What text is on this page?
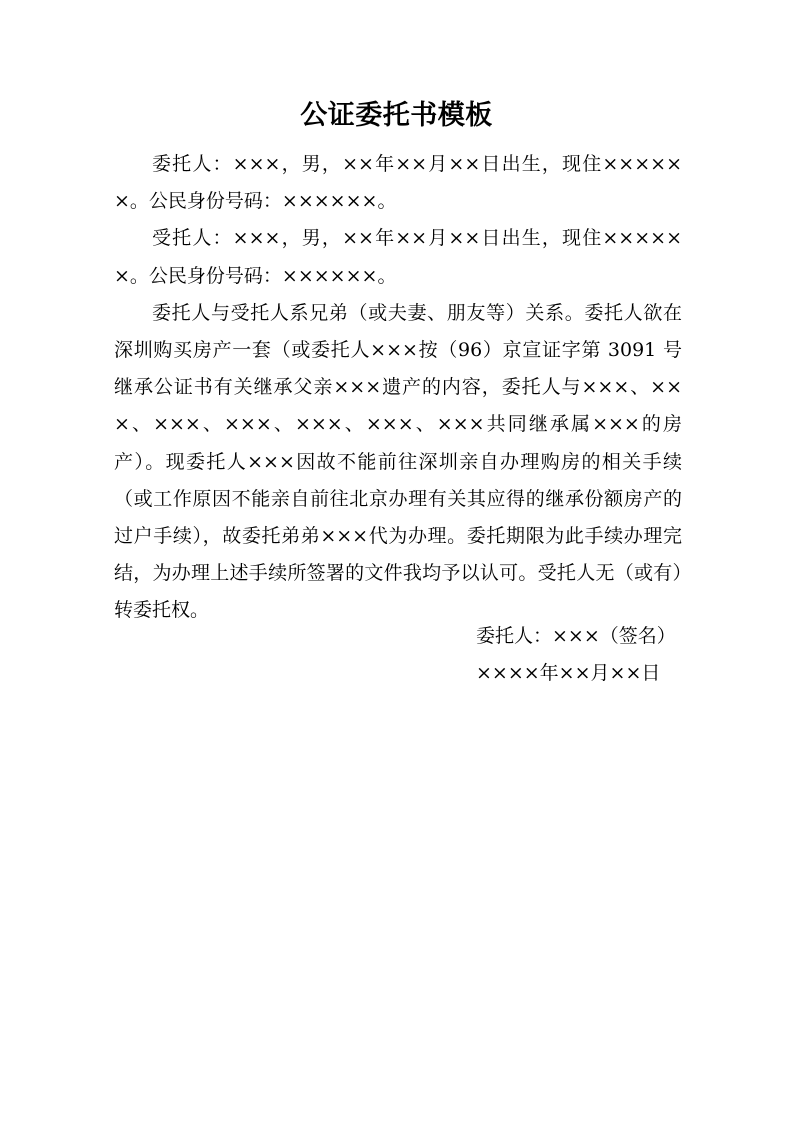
公证委托书模板

委托人：×××，男，××年××月××日出生，现住××××××。公民身份号码：××××××。

受托人：×××，男，××年××月××日出生，现住××××××。公民身份号码：××××××。

委托人与受托人系兄弟（或夫妻、朋友等）关系。委托人欲在深圳购买房产一套（或委托人×××按（96）京宣证字第 3091 号继承公证书有关继承父亲×××遗产的内容，委托人与×××、×××、×××、×××、×××、×××、×××共同继承属×××的房产）。现委托人×××因故不能前往深圳亲自办理购房的相关手续（或工作原因不能亲自前往北京办理有关其应得的继承份额房产的过户手续），故委托弟弟×××代为办理。委托期限为此手续办理完结，为办理上述手续所签署的文件我均予以认可。受托人无（或有）转委托权。

委托人：×××（签名）
××××年××月××日
